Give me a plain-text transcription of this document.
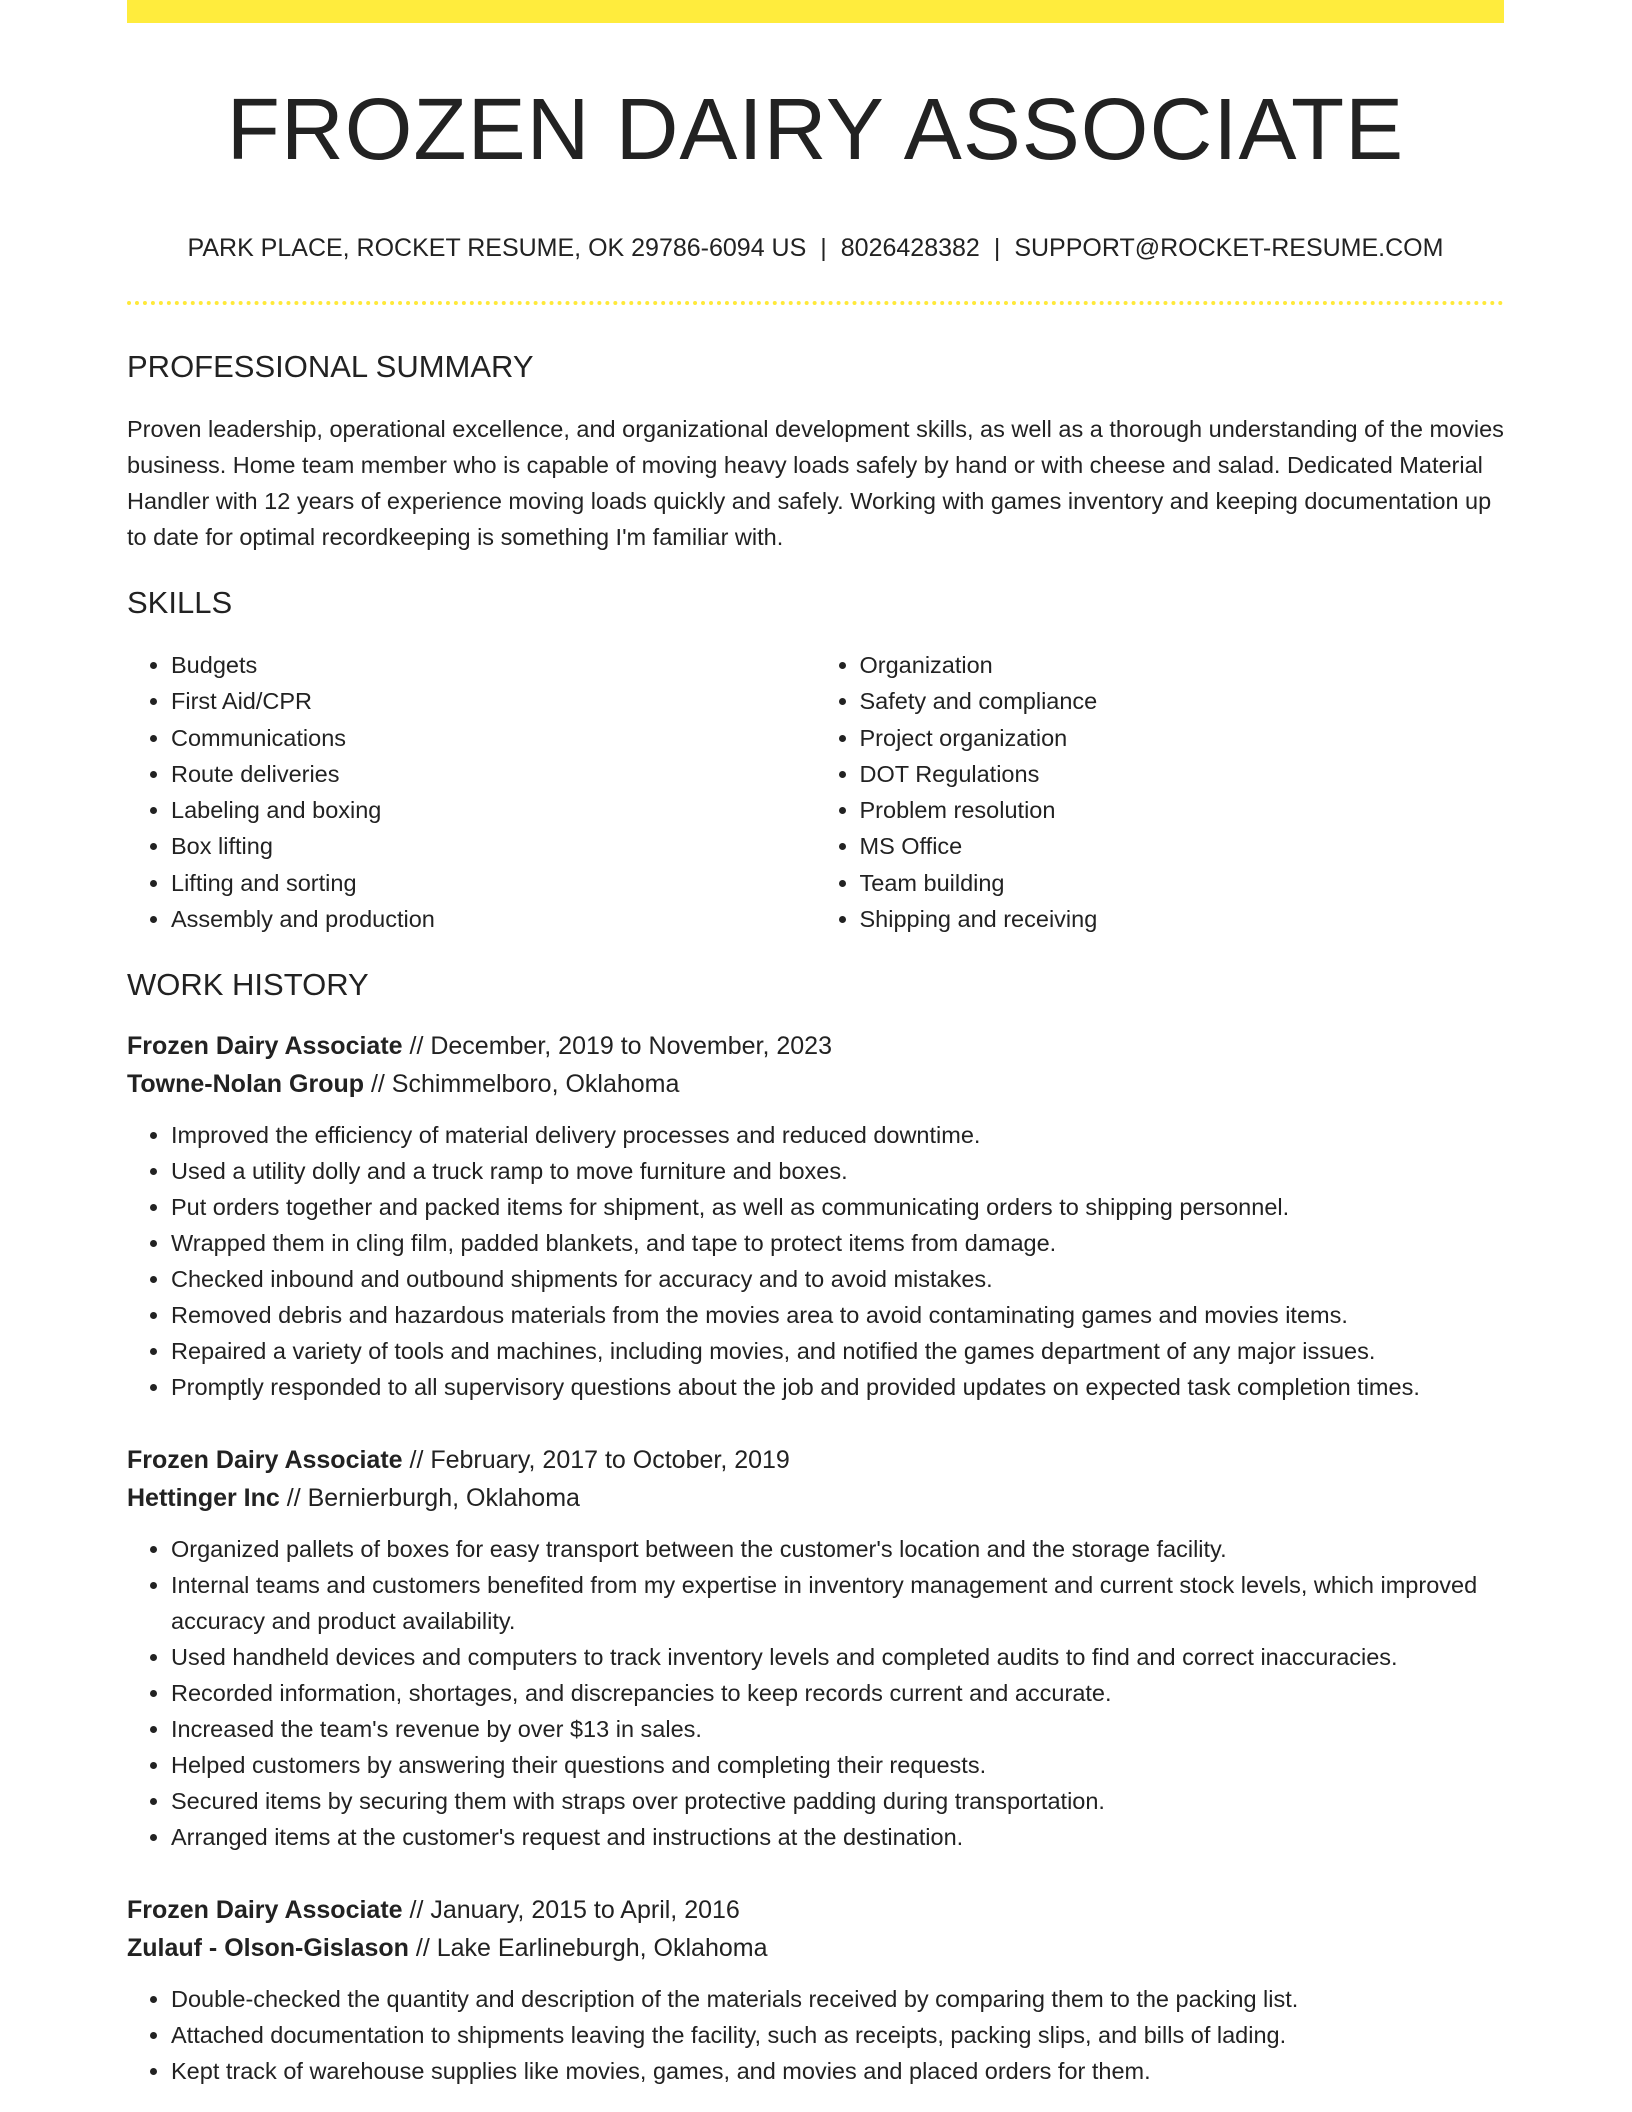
FROZEN DAIRY ASSOCIATE
PARK PLACE, ROCKET RESUME, OK 29786-6094 US | 8026428382 | SUPPORT@ROCKET-RESUME.COM
PROFESSIONAL SUMMARY

Proven leadership, operational excellence, and organizational development skills, as well as a thorough understanding of the movies business. Home team member who is capable of moving heavy loads safely by hand or with cheese and salad. Dedicated Material Handler with 12 years of experience moving loads quickly and safely. Working with games inventory and keeping documentation up to date for optimal recordkeeping is something I'm familiar with.

SKILLS
• Budgets
• First Aid/CPR
• Communications
• Route deliveries
• Labeling and boxing
• Box lifting
• Lifting and sorting
• Assembly and production
• Organization
• Safety and compliance
• Project organization
• DOT Regulations
• Problem resolution
• MS Office
• Team building
• Shipping and receiving
WORK HISTORY
Frozen Dairy Associate // December, 2019 to November, 2023
Towne-Nolan Group // Schimmelboro, Oklahoma
• Improved the efficiency of material delivery processes and reduced downtime.
• Used a utility dolly and a truck ramp to move furniture and boxes.
• Put orders together and packed items for shipment, as well as communicating orders to shipping personnel.
• Wrapped them in cling film, padded blankets, and tape to protect items from damage.
• Checked inbound and outbound shipments for accuracy and to avoid mistakes.
• Removed debris and hazardous materials from the movies area to avoid contaminating games and movies items.
• Repaired a variety of tools and machines, including movies, and notified the games department of any major issues.
• Promptly responded to all supervisory questions about the job and provided updates on expected task completion times.
Frozen Dairy Associate // February, 2017 to October, 2019
Hettinger Inc // Bernierburgh, Oklahoma
• Organized pallets of boxes for easy transport between the customer's location and the storage facility.
• Internal teams and customers benefited from my expertise in inventory management and current stock levels, which improved accuracy and product availability.
• Used handheld devices and computers to track inventory levels and completed audits to find and correct inaccuracies.
• Recorded information, shortages, and discrepancies to keep records current and accurate.
• Increased the team's revenue by over $13 in sales.
• Helped customers by answering their questions and completing their requests.
• Secured items by securing them with straps over protective padding during transportation.
• Arranged items at the customer's request and instructions at the destination.
Frozen Dairy Associate // January, 2015 to April, 2016
Zulauf - Olson-Gislason // Lake Earlineburgh, Oklahoma
• Double-checked the quantity and description of the materials received by comparing them to the packing list.
• Attached documentation to shipments leaving the facility, such as receipts, packing slips, and bills of lading.
• Kept track of warehouse supplies like movies, games, and movies and placed orders for them.
